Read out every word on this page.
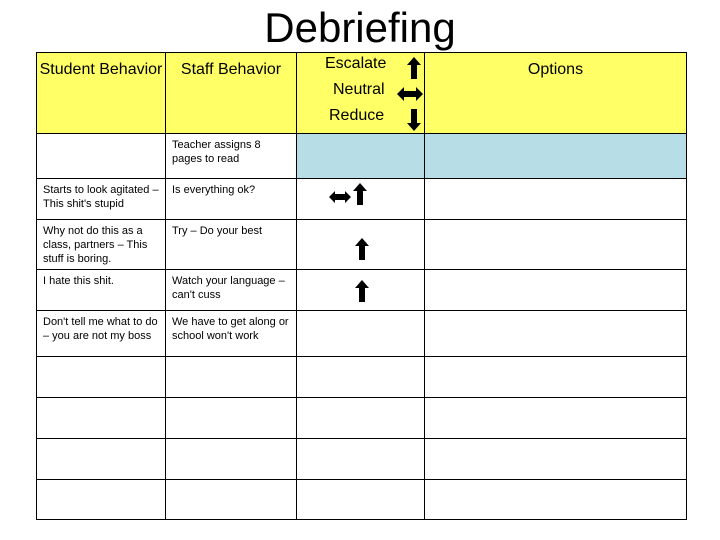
Debriefing
Student Behavior	Staff Behavior	Escalate
Neutral
Reduce	Options

	Teacher assigns 8 pages to read		
Starts to look agitated – This shit's stupid	Is everything ok?	

Why not do this as a class, partners – This stuff is boring.	Try – Do your best	

I hate this shit.	Watch your language – can't cuss	

Don't tell me what to do – you are not my boss	We have to get along or school won't work		
